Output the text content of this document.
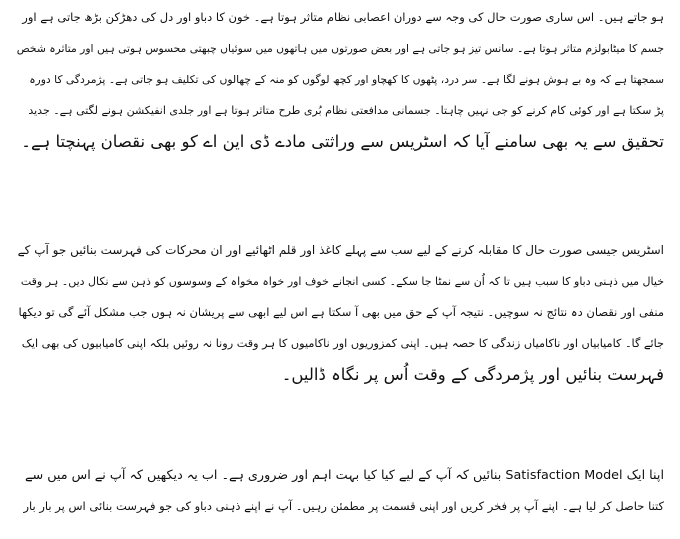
ہو جاتے ہیں۔ اس ساری صورت حال کی وجہ سے دوران اعصابی نظام متاثر ہوتا ہے۔ خون کا دباو اور دل کی دھڑکن بڑھ جاتی ہے اور
جسم کا میٹابولزم متاثر ہوتا ہے۔ سانس تیز ہو جاتی ہے اور بعض صورتوں میں ہاتھوں میں سوئیاں چبھتی محسوس ہوتی ہیں اور متاثرہ شخص
سمجھتا ہے کہ وہ بے ہوش ہونے لگا ہے۔ سر درد، پٹھوں کا کھچاو اور کچھ لوگوں کو منہ کے چھالوں کی تکلیف ہو جاتی ہے۔ پژمردگی کا دورہ
پڑ سکتا ہے اور کوئی کام کرنے کو جی نہیں چاہتا۔ جسمانی مدافعتی نظام بُری طرح متاثر ہوتا ہے اور جلدی انفیکشن ہونے لگتی ہے۔ جدید
تحقیق سے یہ بھی سامنے آیا کہ اسٹریس سے وراثتی مادے ڈی این اے کو بھی نقصان پہنچتا ہے۔
اسٹریس جیسی صورت حال کا مقابلہ کرنے کے لیے سب سے پہلے کاغذ اور قلم اٹھائیے اور ان محرکات کی فہرست بنائیں جو آپ کے
خیال میں ذہنی دباو کا سبب ہیں تا کہ اُن سے نمٹا جا سکے۔ کسی انجانے خوف اور خواہ مخواہ کے وسوسوں کو ذہن سے نکال دیں۔ ہر وقت
منفی اور نقصان دہ نتائج نہ سوچیں۔ نتیجہ آپ کے حق میں بھی آ سکتا ہے اس لیے ابھی سے پریشان نہ ہوں جب مشکل آئے گی تو دیکھا
جائے گا۔ کامیابیاں اور ناکامیاں زندگی کا حصہ ہیں۔ اپنی کمزوریوں اور ناکامیوں کا ہر وقت رونا نہ روئیں بلکہ اپنی کامیابیوں کی بھی ایک
فہرست بنائیں اور پژمردگی کے وقت اُس پر نگاہ ڈالیں۔
اپنا ایک Satisfaction Model بنائیں کہ آپ کے لیے کیا کیا بہت اہم اور ضروری ہے۔ اب یہ دیکھیں کہ آپ نے اس میں سے
کتنا حاصل کر لیا ہے۔ اپنے آپ پر فخر کریں اور اپنی قسمت پر مطمئن رہیں۔ آپ نے اپنے ذہنی دباو کی جو فہرست بنائی اس پر بار بار
